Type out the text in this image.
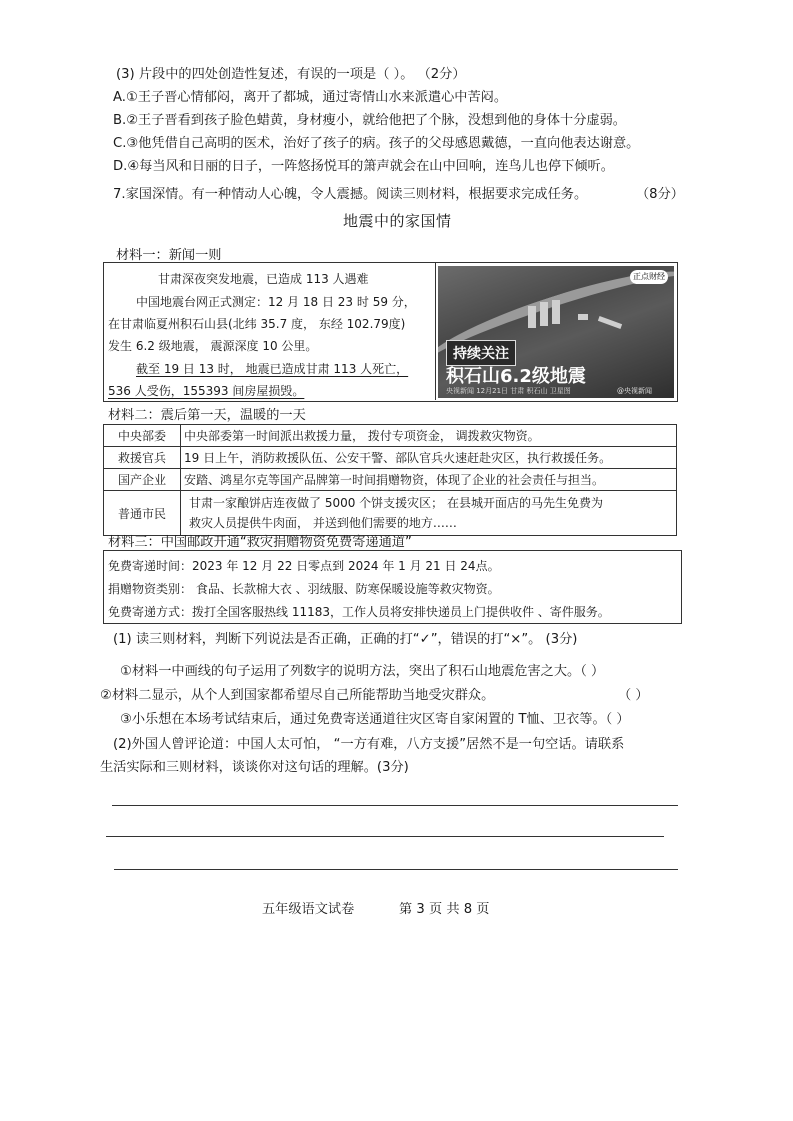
(3) 片段中的四处创造性复述，有误的一项是（ ）。 （2分）
A.①王子晋心情郁闷，离开了都城，通过寄情山水来派遣心中苦闷。
B.②王子晋看到孩子脸色蜡黄，身材瘦小，就给他把了个脉，没想到他的身体十分虚弱。
C.③他凭借自己高明的医术，治好了孩子的病。孩子的父母感恩戴德，一直向他表达谢意。
D.④每当风和日丽的日子，一阵悠扬悦耳的箫声就会在山中回响，连鸟儿也停下倾听。
7.家国深情。有一种情动人心魄，令人震撼。阅读三则材料，根据要求完成任务。	（8分）
地震中的家国情
材料一：新闻一则
甘肃深夜突发地震，已造成 113 人遇难
中国地震台网正式测定：12 月 18 日 23 时 59 分，
在甘肃临夏州积石山县(北纬 35.7 度， 东经 102.79度)
发生 6.2 级地震， 震源深度 10 公里。
截至 19 日 13 时， 地震已造成甘肃 113 人死亡，
536 人受伤，155393 间房屋损毁。
正点财经
持续关注
积石山6.2级地震
央视新闻 12月21日 甘肃 积石山 卫星图	@央视新闻
材料二：震后第一天，温暖的一天
中央部委	中央部委第一时间派出救援力量， 拨付专项资金， 调拨救灾物资。
救援官兵	19 日上午，消防救援队伍、公安干警、部队官兵火速赶赴灾区，执行救援任务。
国产企业	安踏、鸿星尔克等国产品牌第一时间捐赠物资，体现了企业的社会责任与担当。
普通市民	甘肃一家酿饼店连夜做了 5000 个饼支援灾区； 在县城开面店的马先生免费为
救灾人员提供牛肉面， 并送到他们需要的地方……
材料三：中国邮政开通“救灾捐赠物资免费寄递通道”
免费寄递时间：2023 年 12 月 22 日零点到 2024 年 1 月 21 日 24点。
捐赠物资类别： 食品、长款棉大衣 、羽绒服、防寒保暖设施等救灾物资。
免费寄递方式：拨打全国客服热线 11183，工作人员将安排快递员上门提供收件 、寄件服务。
(1) 读三则材料，判断下列说法是否正确，正确的打“✓”，错误的打“×”。 (3分)
①材料一中画线的句子运用了列数字的说明方法，突出了积石山地震危害之大。（ ）
②材料二显示，从个人到国家都希望尽自己所能帮助当地受灾群众。	（ ）
③小乐想在本场考试结束后，通过免费寄送通道往灾区寄自家闲置的 T恤、卫衣等。（ ）
(2)外国人曾评论道：中国人太可怕， “一方有难，八方支援”居然不是一句空话。请联系
生活实际和三则材料，谈谈你对这句话的理解。(3分)
五年级语文试卷	第 3 页 共 8 页
